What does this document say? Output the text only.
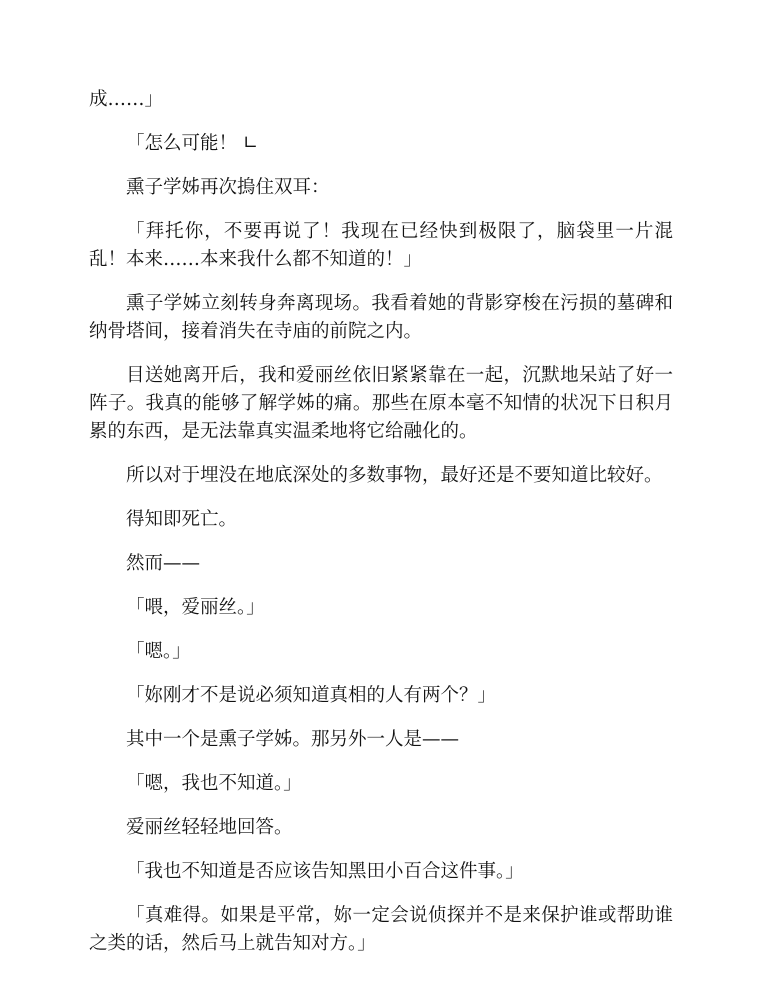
成……」

「怎么可能！ ∟

熏子学姊再次摀住双耳：

「拜托你，不要再说了！我现在已经快到极限了，脑袋里一片混乱！本来……本来我什么都不知道的！」

熏子学姊立刻转身奔离现场。我看着她的背影穿梭在污损的墓碑和纳骨塔间，接着消失在寺庙的前院之内。

目送她离开后，我和爱丽丝依旧紧紧靠在一起，沉默地呆站了好一阵子。我真的能够了解学姊的痛。那些在原本毫不知情的状况下日积月累的东西，是无法靠真实温柔地将它给融化的。

所以对于埋没在地底深处的多数事物，最好还是不要知道比较好。

得知即死亡。

然而——

「喂，爱丽丝。」

「嗯。」

「妳刚才不是说必须知道真相的人有两个？」

其中一个是熏子学姊。那另外一人是——

「嗯，我也不知道。」

爱丽丝轻轻地回答。

「我也不知道是否应该告知黑田小百合这件事。」

「真难得。如果是平常，妳一定会说侦探并不是来保护谁或帮助谁之类的话，然后马上就告知对方。」
